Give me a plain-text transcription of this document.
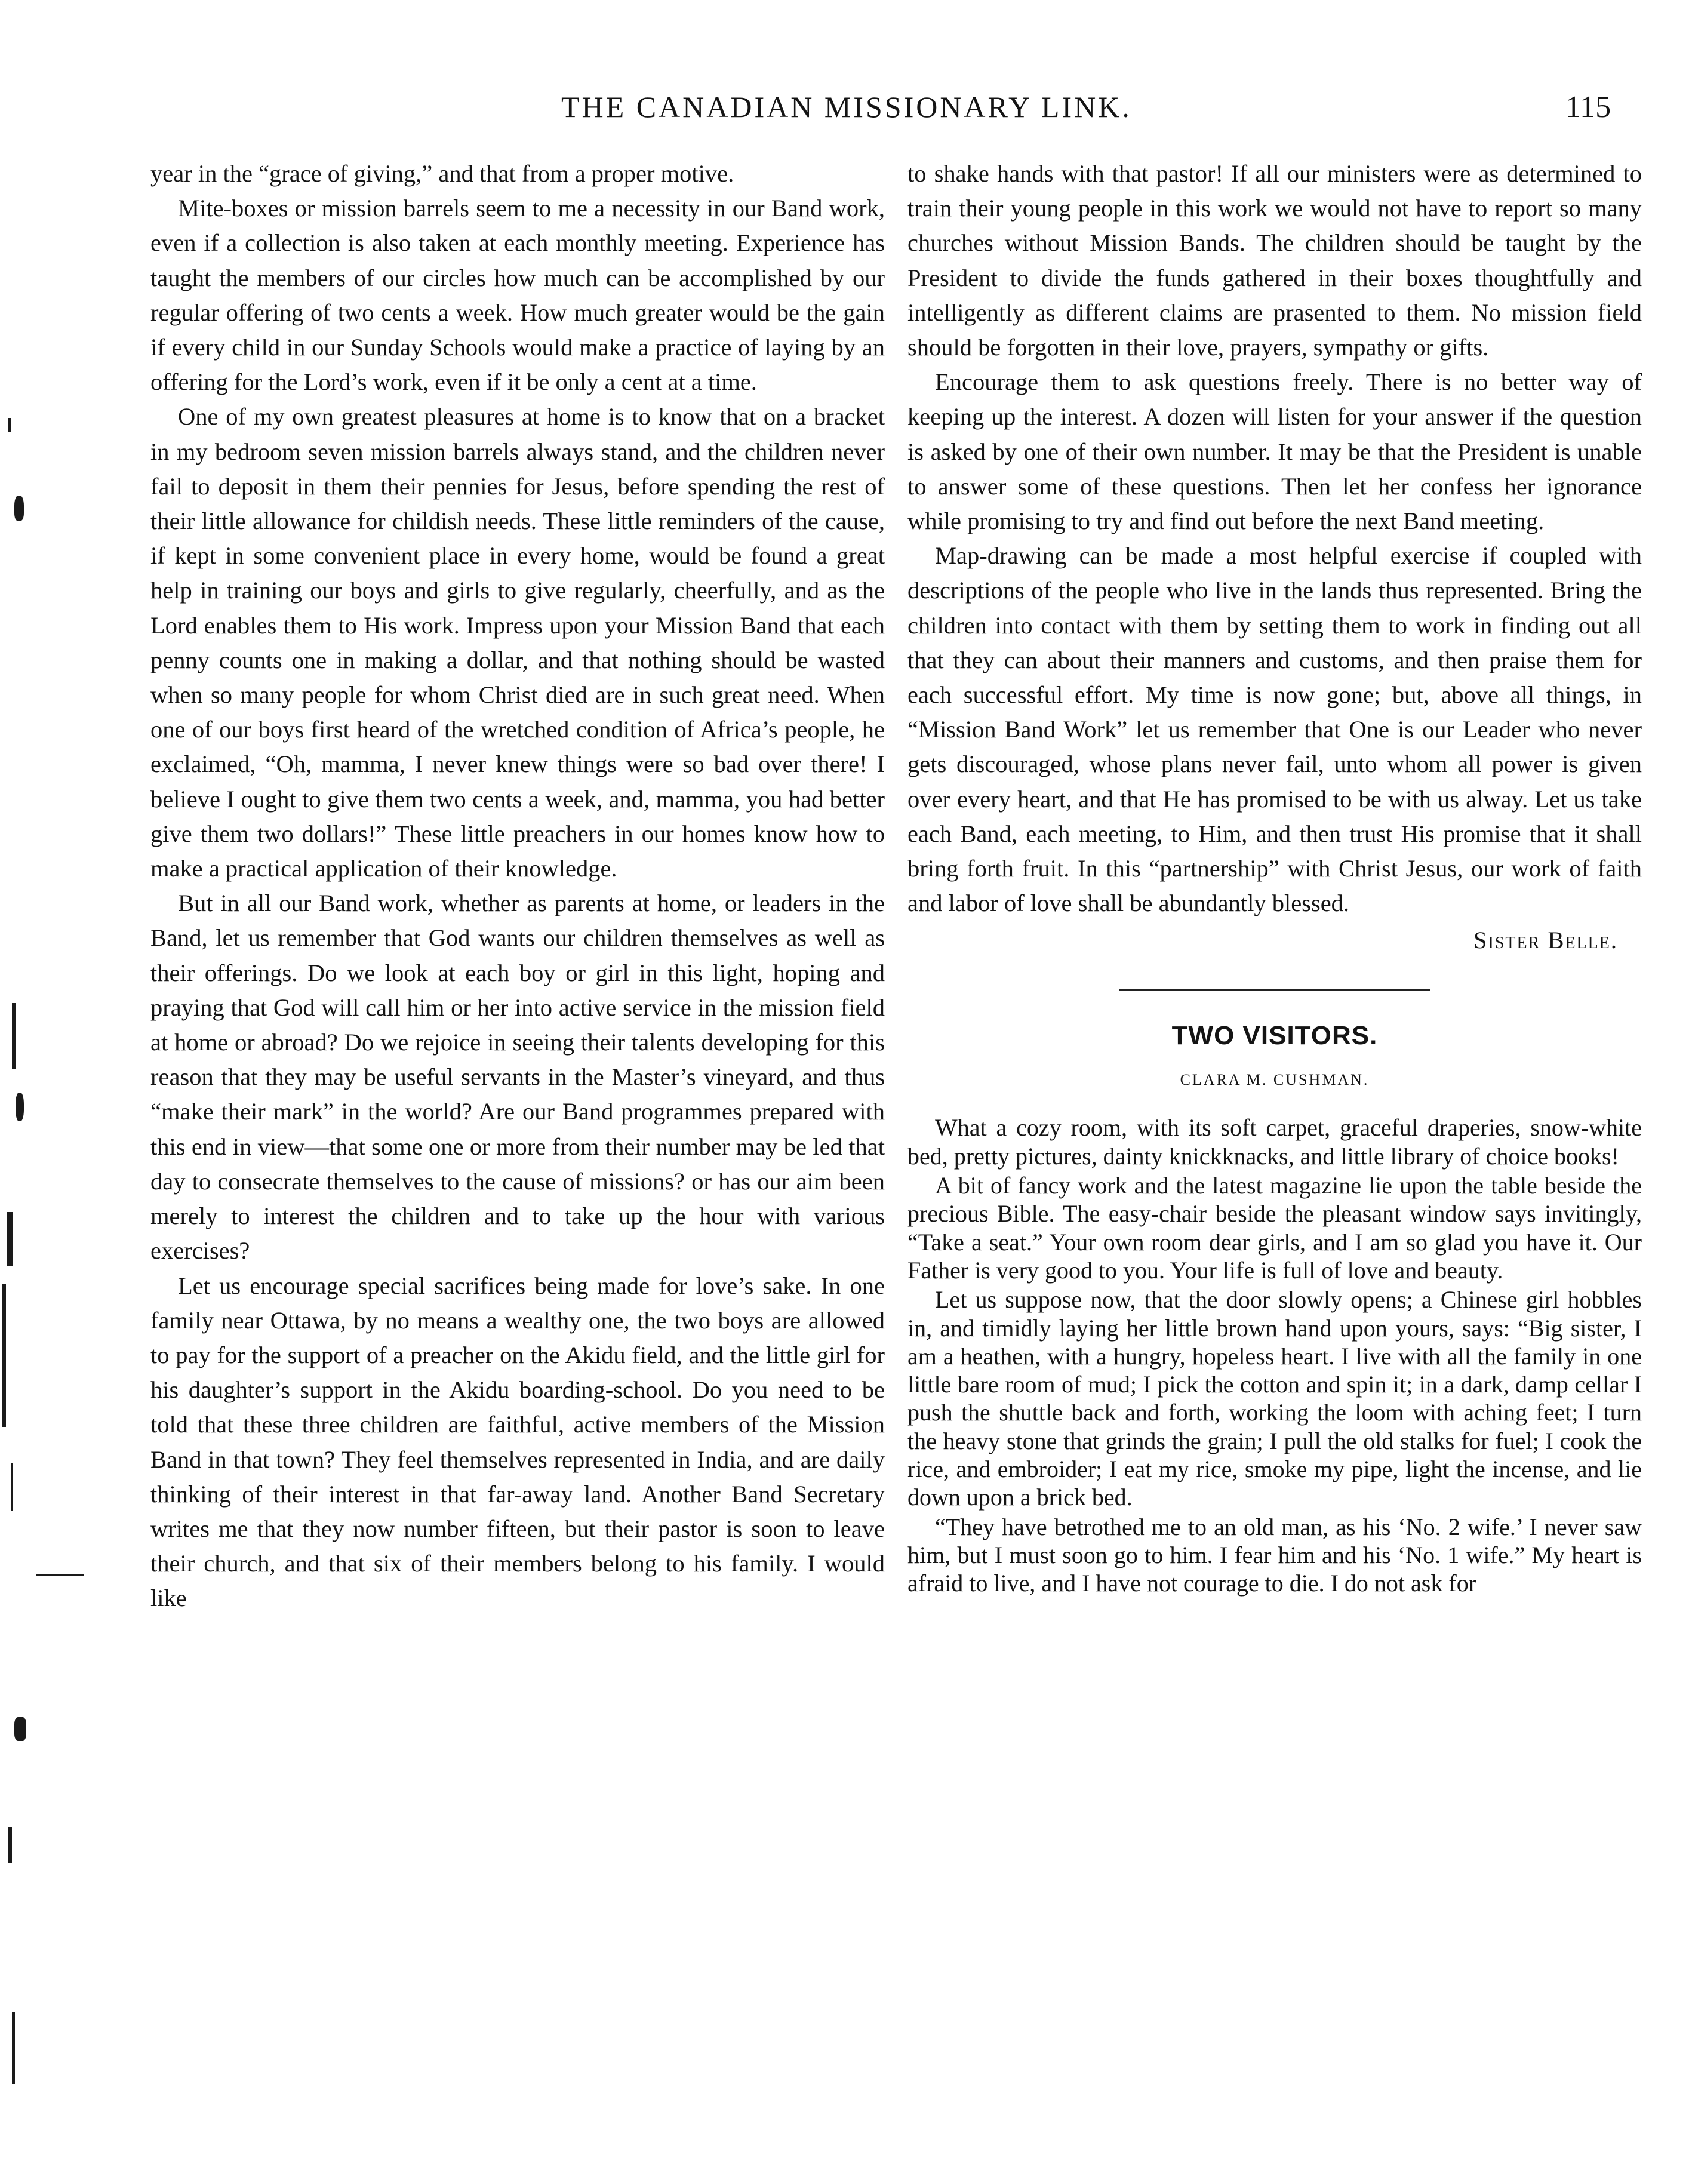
THE CANADIAN MISSIONARY LINK.	115

year in the “grace of giving,” and that from a proper motive.

Mite-boxes or mission barrels seem to me a necessity in our Band work, even if a collection is also taken at each monthly meeting. Experience has taught the members of our circles how much can be accomplished by our regular offering of two cents a week. How much greater would be the gain if every child in our Sunday Schools would make a practice of laying by an offering for the Lord’s work, even if it be only a cent at a time.

One of my own greatest pleasures at home is to know that on a bracket in my bedroom seven mission barrels always stand, and the children never fail to deposit in them their pennies for Jesus, before spending the rest of their little allowance for childish needs. These little reminders of the cause, if kept in some convenient place in every home, would be found a great help in training our boys and girls to give regularly, cheerfully, and as the Lord enables them to His work. Impress upon your Mission Band that each penny counts one in making a dollar, and that nothing should be wasted when so many people for whom Christ died are in such great need. When one of our boys first heard of the wretched condition of Africa’s people, he exclaimed, “Oh, mamma, I never knew things were so bad over there! I believe I ought to give them two cents a week, and, mamma, you had better give them two dollars!” These little preachers in our homes know how to make a practical application of their knowledge.

But in all our Band work, whether as parents at home, or leaders in the Band, let us remember that God wants our children themselves as well as their offerings. Do we look at each boy or girl in this light, hoping and praying that God will call him or her into active service in the mission field at home or abroad? Do we rejoice in seeing their talents developing for this reason that they may be useful servants in the Master’s vineyard, and thus “make their mark” in the world? Are our Band programmes prepared with this end in view—that some one or more from their number may be led that day to consecrate themselves to the cause of missions? or has our aim been merely to interest the children and to take up the hour with various exercises?

Let us encourage special sacrifices being made for love’s sake. In one family near Ottawa, by no means a wealthy one, the two boys are allowed to pay for the support of a preacher on the Akidu field, and the little girl for his daughter’s support in the Akidu boarding-school. Do you need to be told that these three children are faithful, active members of the Mission Band in that town? They feel themselves represented in India, and are daily thinking of their interest in that far-away land. Another Band Secretary writes me that they now number fifteen, but their pastor is soon to leave their church, and that six of their members belong to his family. I would like

to shake hands with that pastor! If all our ministers were as determined to train their young people in this work we would not have to report so many churches without Mission Bands. The children should be taught by the President to divide the funds gathered in their boxes thoughtfully and intelligently as different claims are prasented to them. No mission field should be forgotten in their love, prayers, sympathy or gifts.

Encourage them to ask questions freely. There is no better way of keeping up the interest. A dozen will listen for your answer if the question is asked by one of their own number. It may be that the President is unable to answer some of these questions. Then let her confess her ignorance while promising to try and find out before the next Band meeting.

Map-drawing can be made a most helpful exercise if coupled with descriptions of the people who live in the lands thus represented. Bring the children into contact with them by setting them to work in finding out all that they can about their manners and customs, and then praise them for each successful effort. My time is now gone; but, above all things, in “Mission Band Work” let us remember that One is our Leader who never gets discouraged, whose plans never fail, unto whom all power is given over every heart, and that He has promised to be with us alway. Let us take each Band, each meeting, to Him, and then trust His promise that it shall bring forth fruit. In this “partnership” with Christ Jesus, our work of faith and labor of love shall be abundantly blessed.

Sister Belle.
TWO VISITORS.
CLARA M. CUSHMAN.

What a cozy room, with its soft carpet, graceful draperies, snow-white bed, pretty pictures, dainty knickknacks, and little library of choice books!

A bit of fancy work and the latest magazine lie upon the table beside the precious Bible. The easy-chair beside the pleasant window says invitingly, “Take a seat.” Your own room dear girls, and I am so glad you have it. Our Father is very good to you. Your life is full of love and beauty.

Let us suppose now, that the door slowly opens; a Chinese girl hobbles in, and timidly laying her little brown hand upon yours, says: “Big sister, I am a heathen, with a hungry, hopeless heart. I live with all the family in one little bare room of mud; I pick the cotton and spin it; in a dark, damp cellar I push the shuttle back and forth, working the loom with aching feet; I turn the heavy stone that grinds the grain; I pull the old stalks for fuel; I cook the rice, and embroider; I eat my rice, smoke my pipe, light the incense, and lie down upon a brick bed.

“They have betrothed me to an old man, as his ‘No. 2 wife.’ I never saw him, but I must soon go to him. I fear him and his ‘No. 1 wife.” My heart is afraid to live, and I have not courage to die. I do not ask for
